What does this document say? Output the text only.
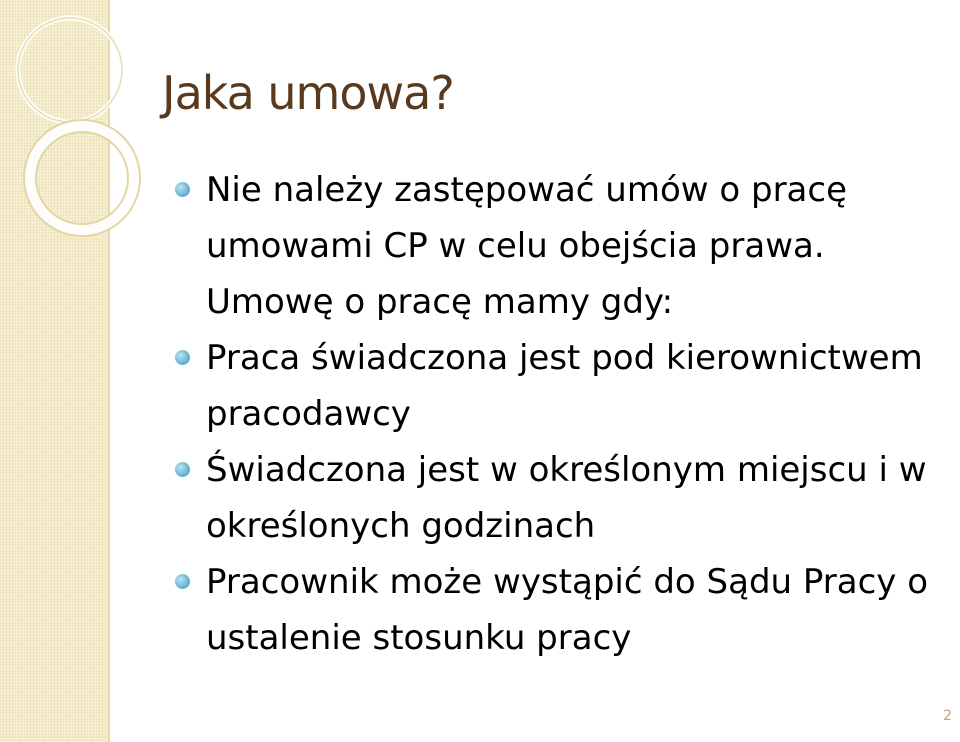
Jaka umowa?
Nie należy zastępować umów o pracę umowami CP w celu obejścia prawa.
Umowę o pracę mamy gdy:
Praca świadczona jest pod kierownictwem pracodawcy
Świadczona jest w określonym miejscu i w określonych godzinach
Pracownik może wystąpić do Sądu Pracy o ustalenie stosunku pracy
2
